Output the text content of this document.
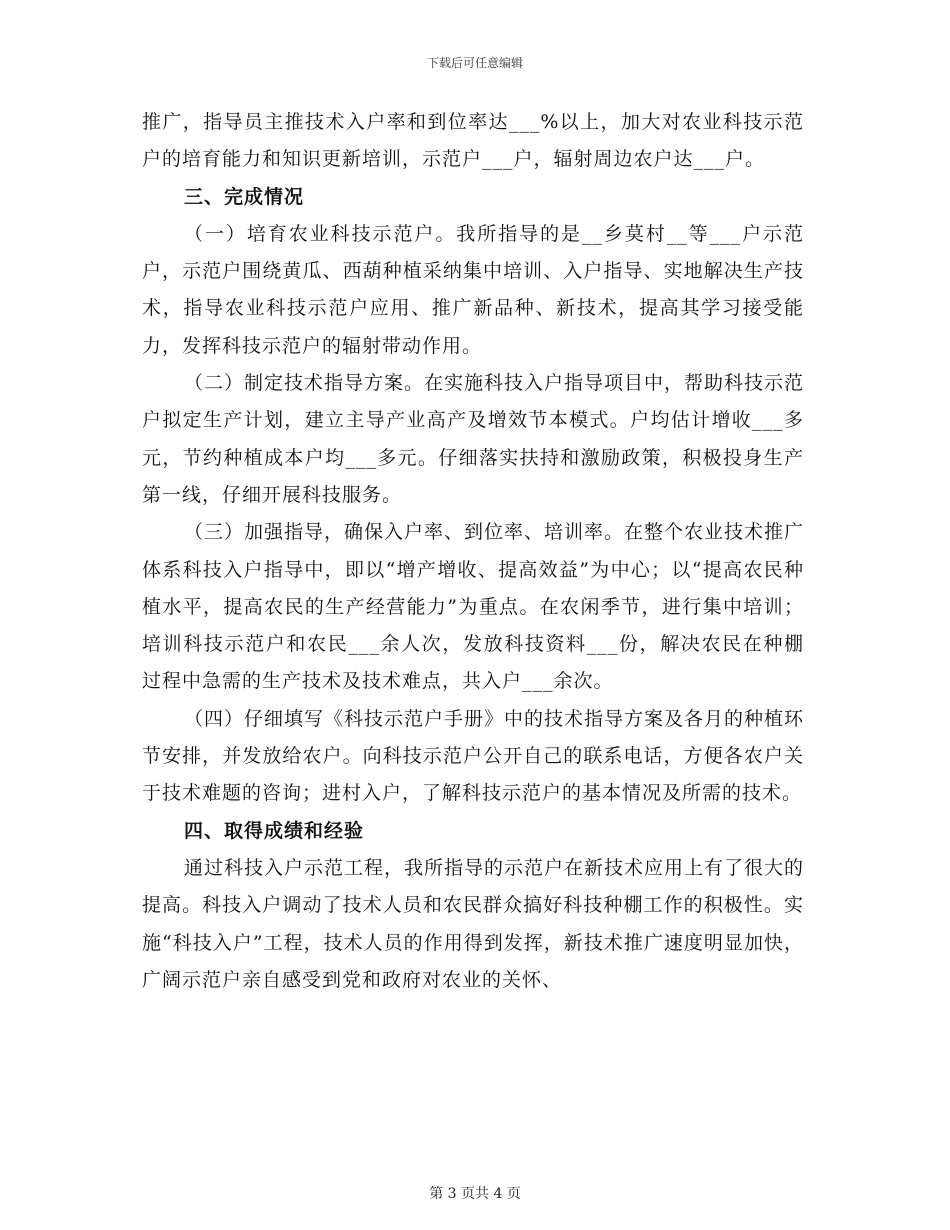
下载后可任意编辑

推广，指导员主推技术入户率和到位率达___%以上，加大对农业科技示范户的培育能力和知识更新培训，示范户___户，辐射周边农户达___户。

三、完成情况

（一）培育农业科技示范户。我所指导的是__乡莫村__等___户示范户，示范户围绕黄瓜、西葫种植采纳集中培训、入户指导、实地解决生产技术，指导农业科技示范户应用、推广新品种、新技术，提高其学习接受能力，发挥科技示范户的辐射带动作用。

（二）制定技术指导方案。在实施科技入户指导项目中，帮助科技示范户拟定生产计划，建立主导产业高产及增效节本模式。户均估计增收___多元，节约种植成本户均___多元。仔细落实扶持和激励政策，积极投身生产第一线，仔细开展科技服务。

（三）加强指导，确保入户率、到位率、培训率。在整个农业技术推广体系科技入户指导中，即以“增产增收、提高效益”为中心；以“提高农民种植水平，提高农民的生产经营能力”为重点。在农闲季节，进行集中培训；培训科技示范户和农民___余人次，发放科技资料___份，解决农民在种棚过程中急需的生产技术及技术难点，共入户___余次。

（四）仔细填写《科技示范户手册》中的技术指导方案及各月的种植环节安排，并发放给农户。向科技示范户公开自己的联系电话，方便各农户关于技术难题的咨询；进村入户，了解科技示范户的基本情况及所需的技术。

四、取得成绩和经验

通过科技入户示范工程，我所指导的示范户在新技术应用上有了很大的提高。科技入户调动了技术人员和农民群众搞好科技种棚工作的积极性。实施“科技入户”工程，技术人员的作用得到发挥，新技术推广速度明显加快，广阔示范户亲自感受到党和政府对农业的关怀、

第 3 页共 4 页
